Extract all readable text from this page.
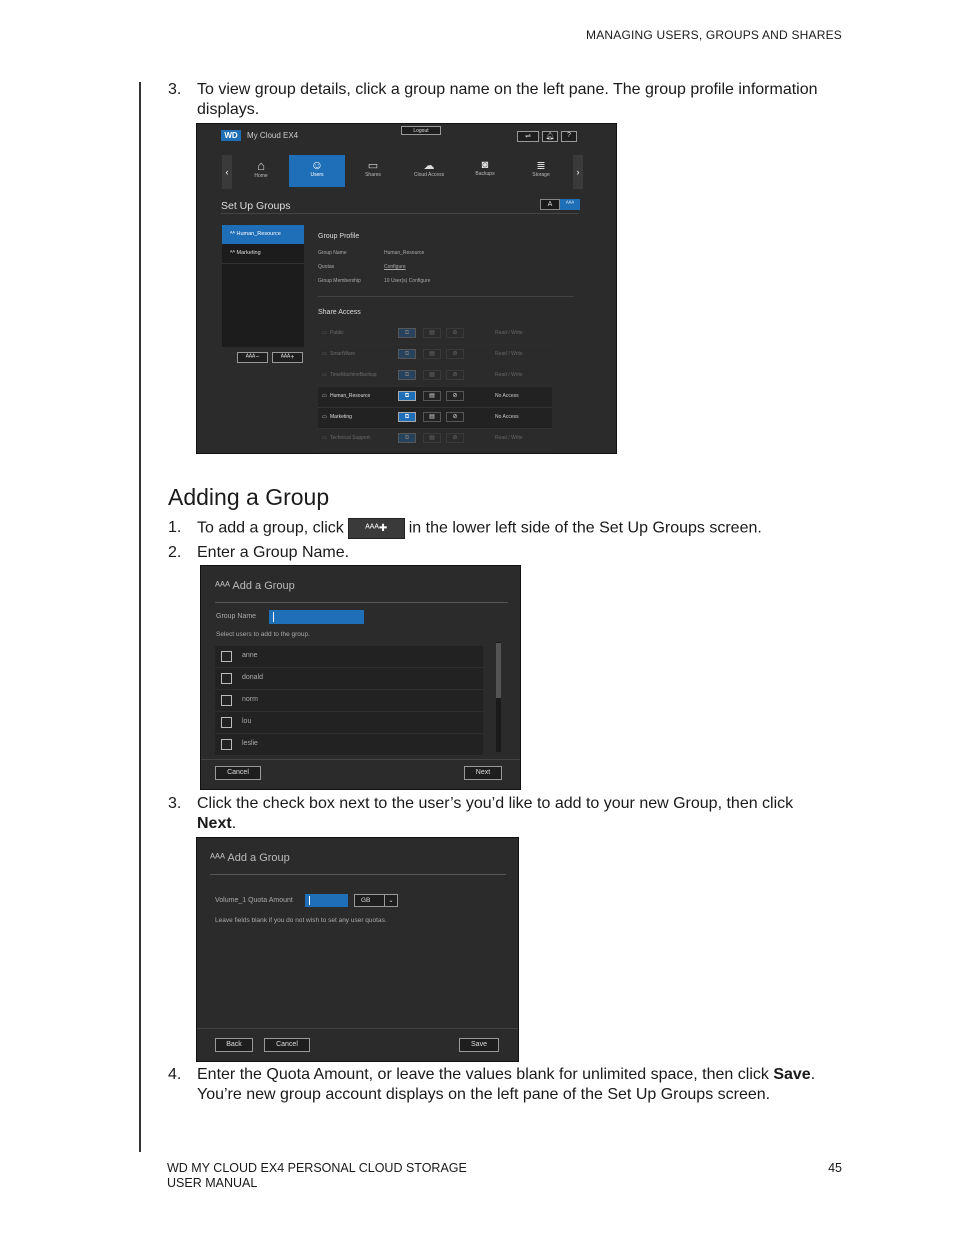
MANAGING USERS, GROUPS AND SHARES
3. To view group details, click a group name on the left pane. The group profile information
displays.
WD	My Cloud EX4	Logout
⇌	🔔︎	?
‹	›
⌂
Home
☺
Users
▭
Shares
☁
Cloud Access
◙
Backups
≣
Storage
Set Up Groups	A	ᴬᴬᴬ
ᴬᴬ Human_Resource
ᴬᴬ Marketing
ᴬᴬᴬ−	ᴬᴬᴬ+
Group Profile
Group Name	Human_Resource
Quotas	Configure
Group Membership	10 User(s) Configure
Share Access
▭ Public	⧉	▤	⊘	Read / Write
▭ SmartWare	⧉	▤	⊘	Read / Write
▭ TimeMachineBackup	⧉	▤	⊘	Read / Write
▭ Human_Resource	⧉	▤	⊘	No Access
▭ Marketing	⧉	▤	⊘	No Access
▭ Technical Support	⧉	▤	⊘	Read / Write
Adding a Group
1. To add a group, click ᴬᴬᴬ✚ in the lower left side of the Set Up Groups screen.
2. Enter a Group Name.
ᴬᴬᴬ Add a Group
Group Name
Select users to add to the group.
anne
donald
norm
lou
leslie
Cancel	Next
3. Click the check box next to the user’s you’d like to add to your new Group, then click
Next.
ᴬᴬᴬ Add a Group
Volume_1 Quota Amount	GB	⌄
Leave fields blank if you do not wish to set any user quotas.
Back	Cancel	Save
4. Enter the Quota Amount, or leave the values blank for unlimited space, then click Save.
You’re new group account displays on the left pane of the Set Up Groups screen.
WD MY CLOUD EX4 PERSONAL CLOUD STORAGE
USER MANUAL
45
